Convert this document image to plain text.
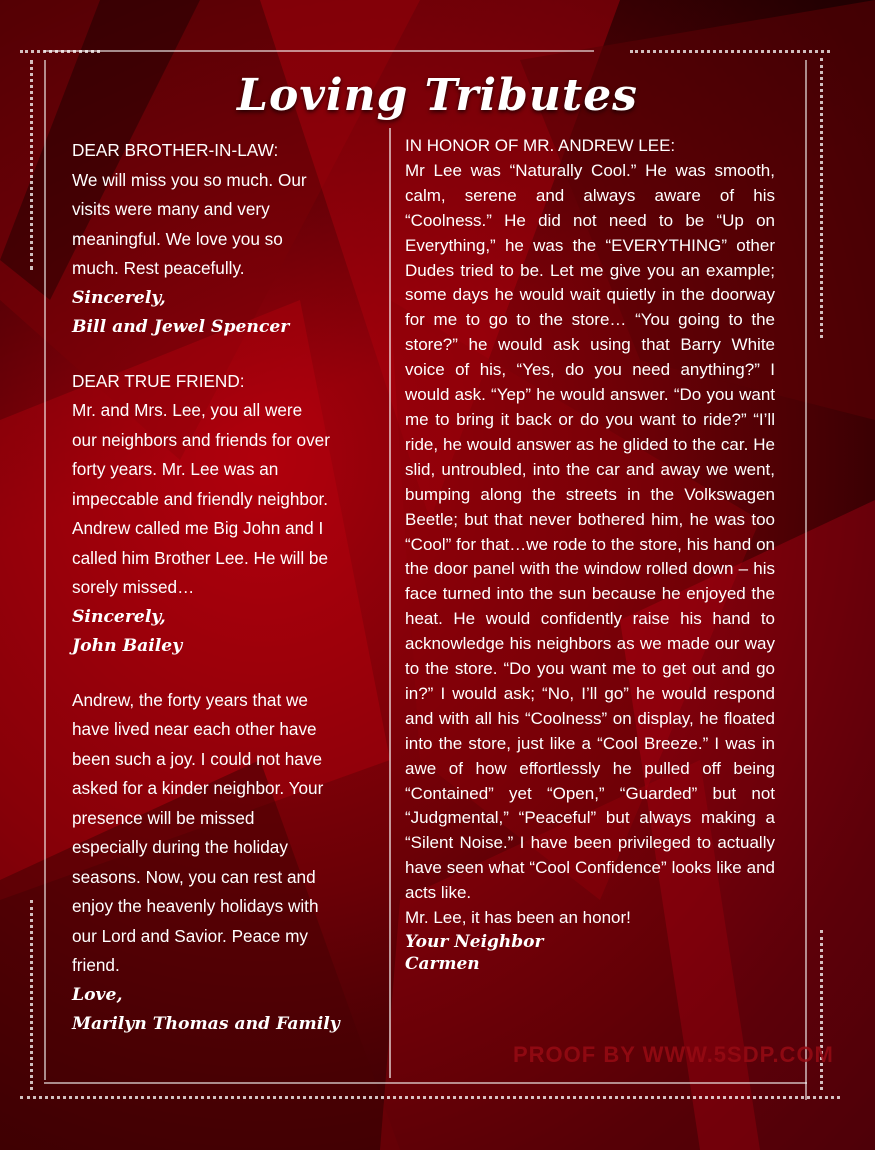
Loving Tributes

DEAR BROTHER-IN-LAW:

We will miss you so much. Our

visits were many and very

meaningful. We love you so

much. Rest peacefully.

Sincerely,

Bill and Jewel Spencer

DEAR TRUE FRIEND:

Mr. and Mrs. Lee, you all were

our neighbors and friends for over

forty years. Mr. Lee was an

impeccable and friendly neighbor.

Andrew called me Big John and I

called him Brother Lee. He will be

sorely missed…

Sincerely,

John Bailey

Andrew, the forty years that we

have lived near each other have

been such a joy. I could not have

asked for a kinder neighbor. Your

presence will be missed

especially during the holiday

seasons. Now, you can rest and

enjoy the heavenly holidays with

our Lord and Savior. Peace my

friend.

Love,

Marilyn Thomas and Family

IN HONOR OF MR. ANDREW LEE:

Mr Lee was “Naturally Cool.” He was smooth, calm, serene and always aware of his “Coolness.” He did not need to be “Up on Everything,” he was the “EVERYTHING” other Dudes tried to be. Let me give you an example; some days he would wait quietly in the doorway for me to go to the store… “You going to the store?” he would ask using that Barry White voice of his, “Yes, do you need anything?” I would ask. “Yep” he would answer. “Do you want me to bring it back or do you want to ride?” “I’ll ride, he would answer as he glided to the car. He slid, untroubled, into the car and away we went, bumping along the streets in the Volkswagen Beetle; but that never bothered him, he was too “Cool” for that…we rode to the store, his hand on the door panel with the window rolled down – his face turned into the sun because he enjoyed the heat. He would confidently raise his hand to acknowledge his neighbors as we made our way to the store. “Do you want me to get out and go in?” I would ask; “No, I’ll go” he would respond and with all his “Coolness” on display, he floated into the store, just like a “Cool Breeze.” I was in awe of how effortlessly he pulled off being “Contained” yet “Open,” “Guarded” but not “Judgmental,” “Peaceful” but always making a “Silent Noise.” I have been privileged to actually have seen what “Cool Confidence” looks like and acts like.

Mr. Lee, it has been an honor!

Your Neighbor

Carmen

PROOF BY WWW.5SDP.COM
